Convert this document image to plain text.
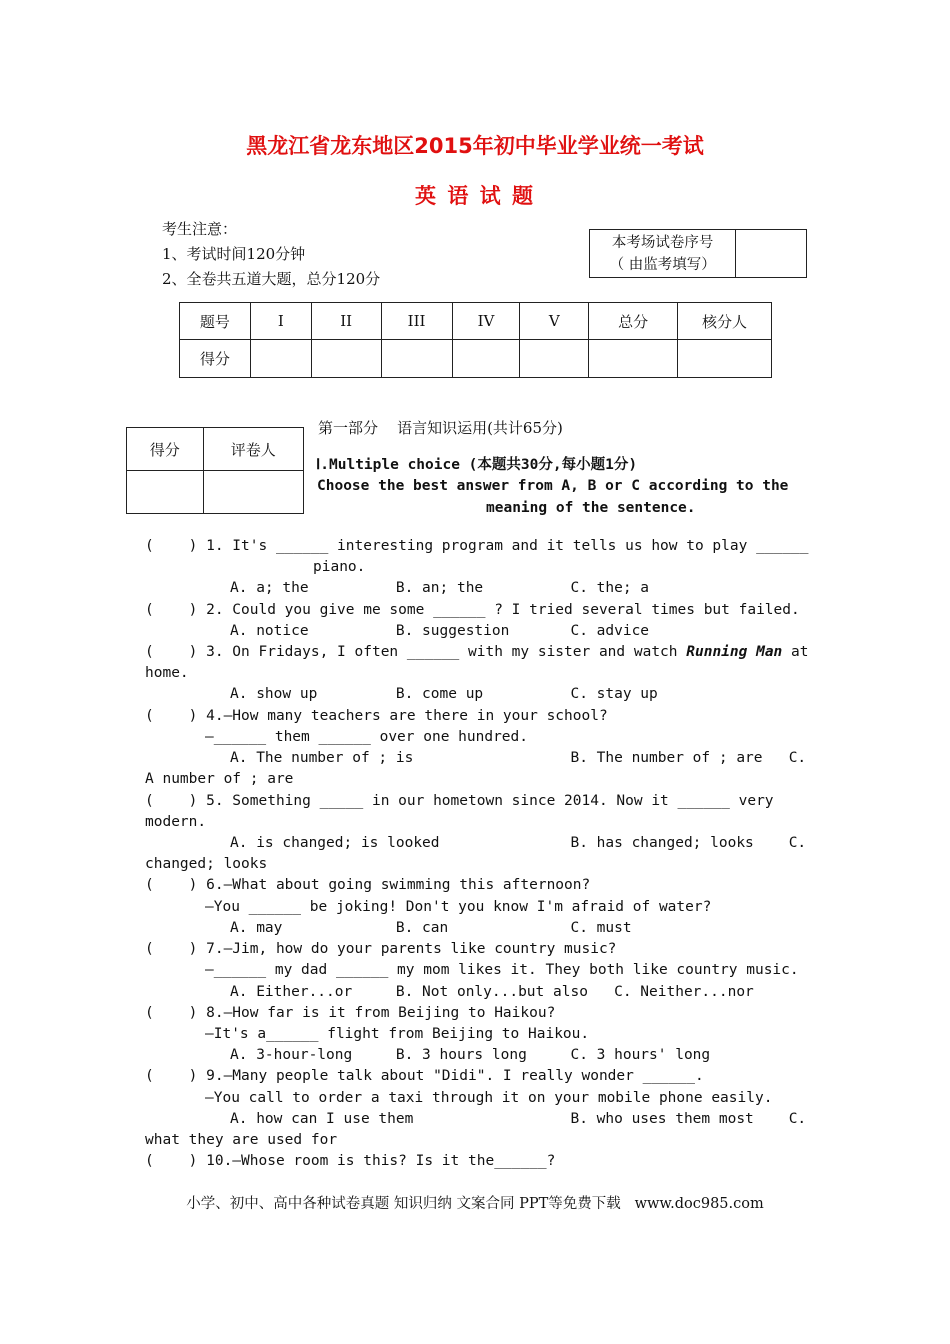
黑龙江省龙东地区2015年初中毕业学业统一考试
英 语 试 题
考生注意：
1、考试时间120分钟
2、全卷共五道大题，总分120分
本考场试卷序号
（ 由监考填写）

题号	I	II	III	IV	V	总分	核分人
得分							
得分	评卷人

第一部分    语言知识运用(共计65分)
Ⅰ.Multiple choice (本题共30分,每小题1分)
Choose the best answer from A, B or C according to the
meaning of the sentence.
(    ) 1. It's ______ interesting program and it tells us how to play ______
piano.
A. a; the          B. an; the          C. the; a
(    ) 2. Could you give me some ______ ? I tried several times but failed.
A. notice          B. suggestion       C. advice
(    ) 3. On Fridays, I often ______ with my sister and watch Running Man at
home.
A. show up         B. come up          C. stay up
(    ) 4.—How many teachers are there in your school?
—______ them ______ over one hundred.
A. The number of ; is                  B. The number of ; are   C.
A number of ; are
(    ) 5. Something _____ in our hometown since 2014. Now it ______ very
modern.
A. is changed; is looked               B. has changed; looks    C.
changed; looks
(    ) 6.—What about going swimming this afternoon?
—You ______ be joking! Don't you know I'm afraid of water?
A. may             B. can              C. must
(    ) 7.—Jim, how do your parents like country music?
—______ my dad ______ my mom likes it. They both like country music.
A. Either...or     B. Not only...but also   C. Neither...nor
(    ) 8.—How far is it from Beijing to Haikou?
—It's a______ flight from Beijing to Haikou.
A. 3-hour-long     B. 3 hours long     C. 3 hours' long
(    ) 9.—Many people talk about "Didi". I really wonder ______.
—You call to order a taxi through it on your mobile phone easily.
A. how can I use them                  B. who uses them most    C.
what they are used for
(    ) 10.—Whose room is this? Is it the______?
小学、初中、高中各种试卷真题 知识归纳 文案合同 PPT等免费下载   www.doc985.com
